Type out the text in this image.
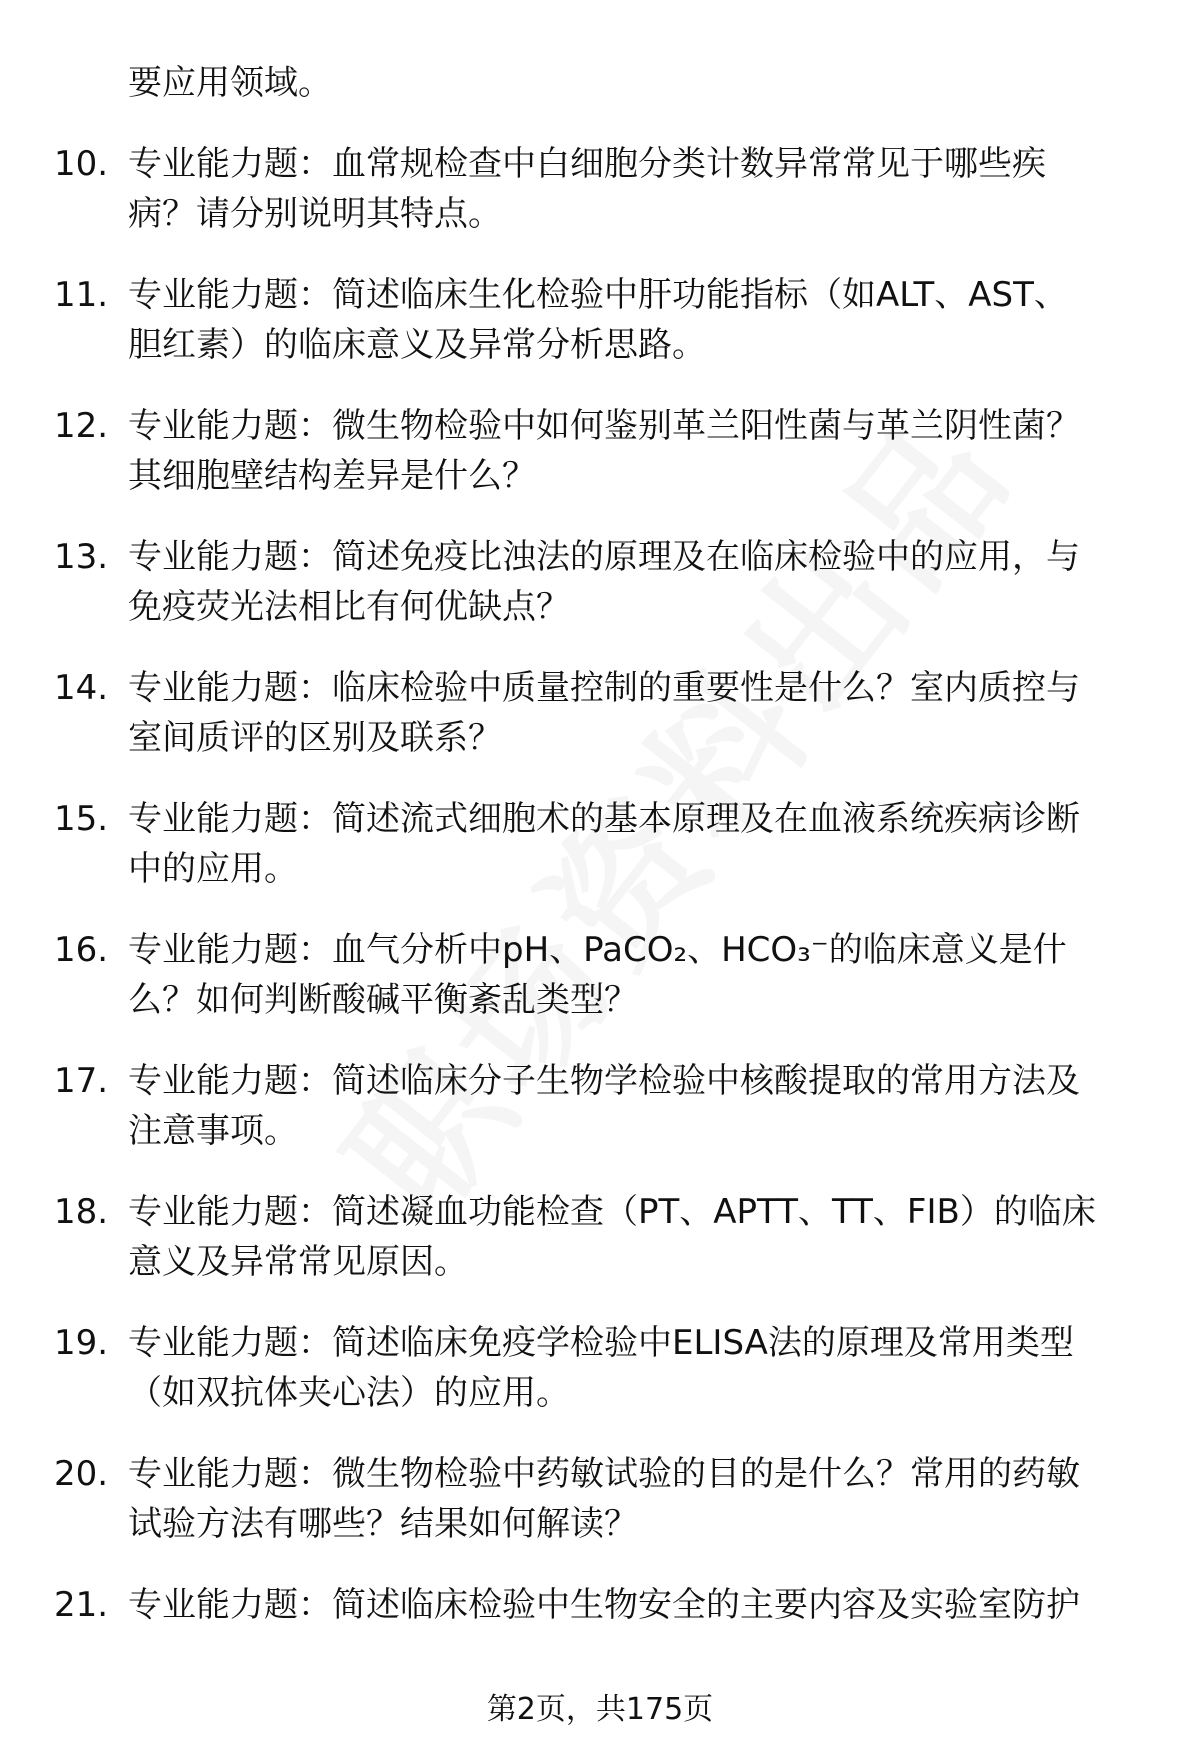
要应用领域。
10. 专业能力题：血常规检查中白细胞分类计数异常常见于哪些疾
病？请分别说明其特点。
11. 专业能力题：简述临床生化检验中肝功能指标（如ALT、AST、
胆红素）的临床意义及异常分析思路。
12. 专业能力题：微生物检验中如何鉴别革兰阳性菌与革兰阴性菌？
其细胞壁结构差异是什么？
13. 专业能力题：简述免疫比浊法的原理及在临床检验中的应用，与
免疫荧光法相比有何优缺点？
14. 专业能力题：临床检验中质量控制的重要性是什么？室内质控与
室间质评的区别及联系？
15. 专业能力题：简述流式细胞术的基本原理及在血液系统疾病诊断
中的应用。
16. 专业能力题：血气分析中pH、PaCO₂、HCO₃⁻的临床意义是什
么？如何判断酸碱平衡紊乱类型？
17. 专业能力题：简述临床分子生物学检验中核酸提取的常用方法及
注意事项。
18. 专业能力题：简述凝血功能检查（PT、APTT、TT、FIB）的临床
意义及异常常见原因。
19. 专业能力题：简述临床免疫学检验中ELISA法的原理及常用类型
（如双抗体夹心法）的应用。
20. 专业能力题：微生物检验中药敏试验的目的是什么？常用的药敏
试验方法有哪些？结果如何解读？
21. 专业能力题：简述临床检验中生物安全的主要内容及实验室防护
第2页，共175页
